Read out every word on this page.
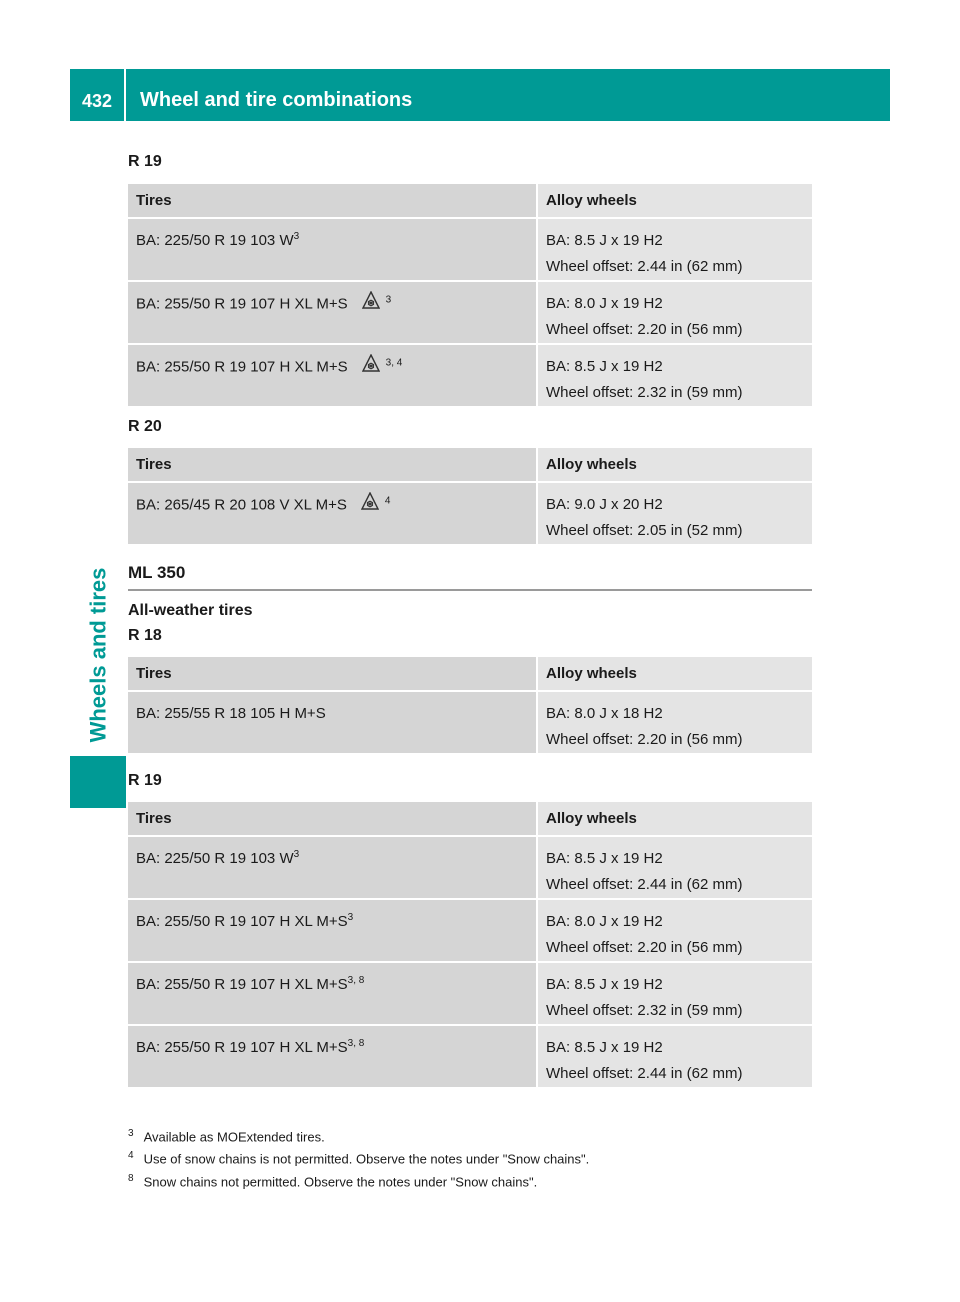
432	Wheel and tire combinations
Wheels and tires
R 19
Tires	Alloy wheels
BA: 225/50 R 19 103 $W^3$	BA: 8.5 J x 19 H2
Wheel offset: 2.44 in (62 mm)

BA: 255/50 R 19 107 H XL M+S $^3$	BA: 8.0 J x 19 H2
Wheel offset: 2.20 in (56 mm)

BA: 255/50 R 19 107 H XL M+S $^{3, 4}$	BA: 8.5 J x 19 H2
Wheel offset: 2.32 in (59 mm)
R 20
Tires	Alloy wheels
BA: 265/45 R 20 108 V XL M+S $^4$	BA: 9.0 J x 20 H2
Wheel offset: 2.05 in (52 mm)
ML 350
All-weather tires
R 18
Tires	Alloy wheels
BA: 255/55 R 18 105 H M+S	BA: 8.0 J x 18 H2
Wheel offset: 2.20 in (56 mm)
R 19
Tires	Alloy wheels
BA: 225/50 R 19 103 $W^3$	BA: 8.5 J x 19 H2
Wheel offset: 2.44 in (62 mm)

BA: 255/50 R 19 107 H XL $M+S^3$	BA: 8.0 J x 19 H2
Wheel offset: 2.20 in (56 mm)

BA: 255/50 R 19 107 H XL $M+S^{3, 8}$	BA: 8.5 J x 19 H2
Wheel offset: 2.32 in (59 mm)

BA: 255/50 R 19 107 H XL $M+S^{3, 8}$	BA: 8.5 J x 19 H2
Wheel offset: 2.44 in (62 mm)
$^3$ Available as MOExtended tires.
$^4$ Use of snow chains is not permitted. Observe the notes under "Snow chains".
$^8$ Snow chains not permitted. Observe the notes under "Snow chains".
